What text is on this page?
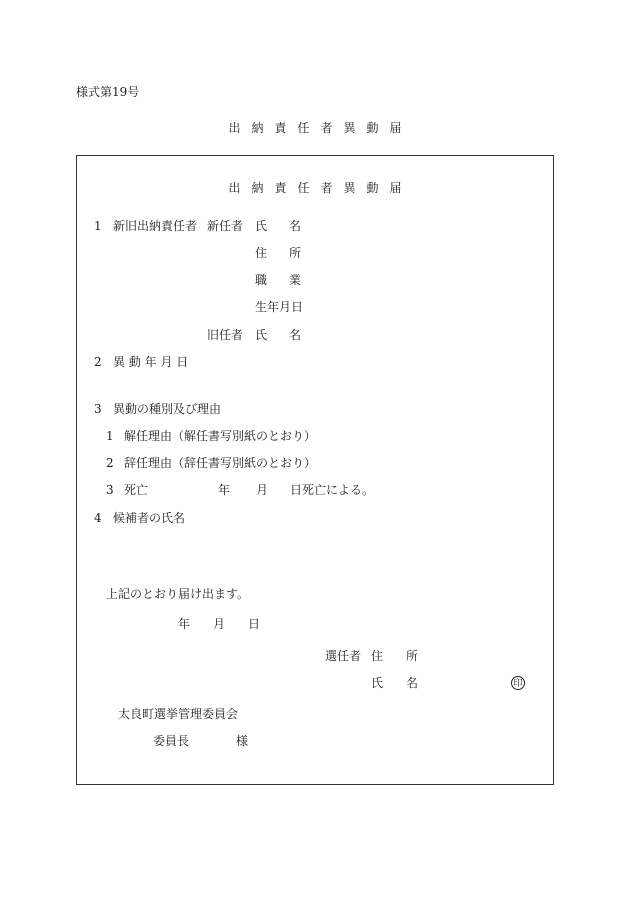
様式第19号
出 納 責 任 者 異 動 届
出 納 責 任 者 異 動 届
1 新旧出納責任者 新任者 氏 名
住 所
職 業
生年月日
旧任者 氏 名
2 異 動 年 月 日
3 異動の種別及び理由
1 解任理由（解任書写別紙のとおり）
2 辞任理由（辞任書写別紙のとおり）
3 死亡	年 月 日死亡による。
4 候補者の氏名
上記のとおり届け出ます。
年 月 日
選任者 住 所
氏 名	印
太良町選挙管理委員会
委員長	様
